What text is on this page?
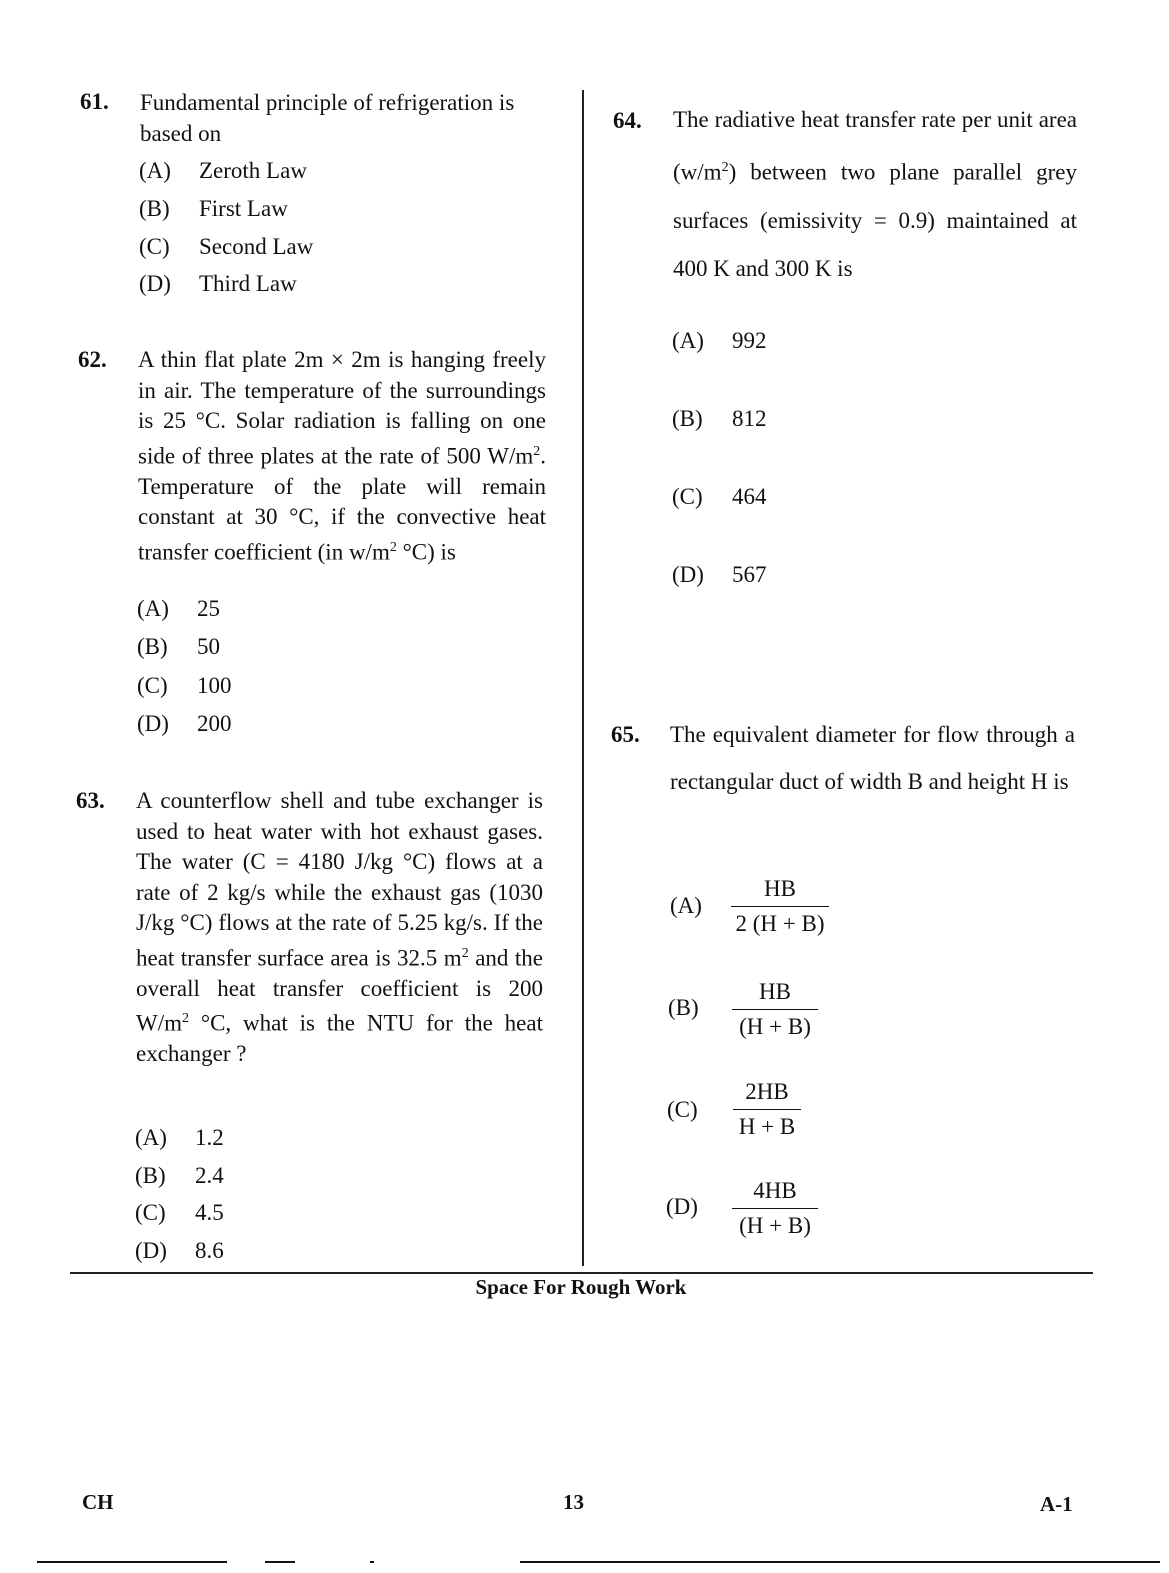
61. Fundamental principle of refrigeration is based on
(A) Zeroth Law
(B) First Law
(C) Second Law
(D) Third Law
62. A thin flat plate 2m × 2m is hanging freely in air. The temperature of the surroundings is 25 °C. Solar radiation is falling on one side of three plates at the rate of 500 $W/m^2$. Temperature of the plate will remain constant at 30 °C, if the convective heat transfer coefficient (in $w/m^2$ °C) is
(A) 25
(B) 50
(C) 100
(D) 200
63. A counterflow shell and tube exchanger is used to heat water with hot exhaust gases. The water (C = 4180 J/kg °C) flows at a rate of 2 kg/s while the exhaust gas (1030 J/kg °C) flows at the rate of 5.25 kg/s. If the heat transfer surface area is 32.5 $m^2$ and the overall heat transfer coefficient is 200 $W/m^2$ °C, what is the NTU for the heat exchanger ?
(A) 1.2
(B) 2.4
(C) 4.5
(D) 8.6
64. The radiative heat transfer rate per unit area $(w/m^2)$ between two plane parallel grey surfaces (emissivity = 0.9) maintained at 400 K and 300 K is
(A) 992
(B) 812
(C) 464
(D) 567
65. The equivalent diameter for flow through a rectangular duct of width B and height H is
(A)
HB
2 (H + B)
(B)
HB
(H + B)
(C)
2HB
H + B
(D)
4HB
(H + B)
Space For Rough Work
CH	13	A-1
